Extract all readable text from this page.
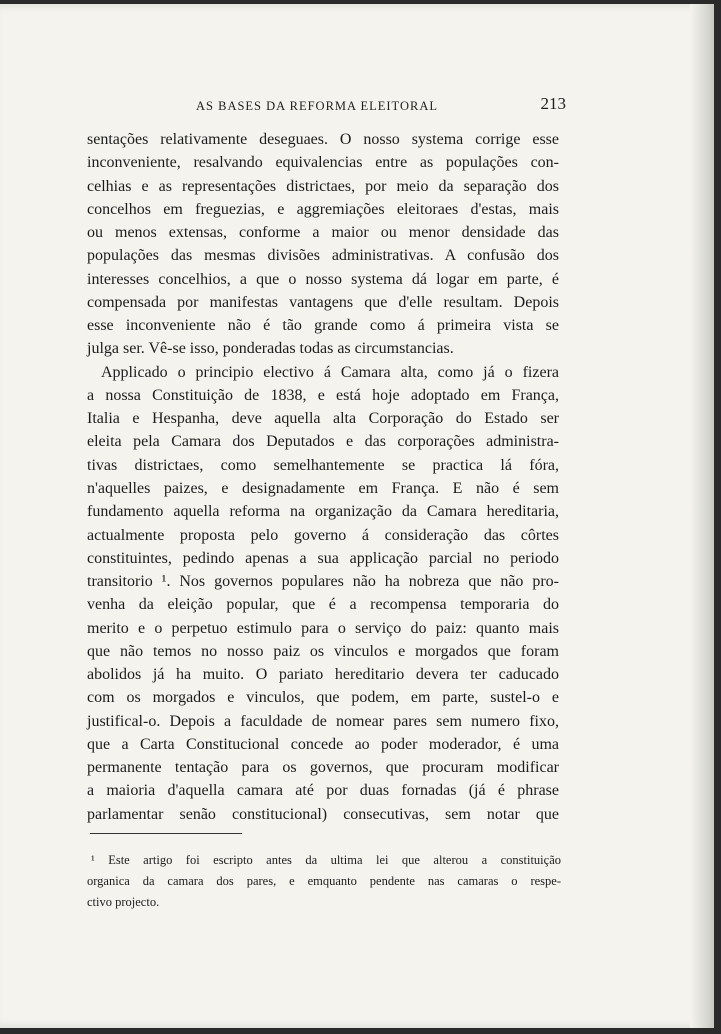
AS BASES DA REFORMA ELEITORAL	213
sentações relativamente deseguaes. O nosso systema corrige esse
inconveniente, resalvando equivalencias entre as populações con-
celhias e as representações districtaes, por meio da separação dos
concelhos em freguezias, e aggremiações eleitoraes d'estas, mais
ou menos extensas, conforme a maior ou menor densidade das
populações das mesmas divisões administrativas. A confusão dos
interesses concelhios, a que o nosso systema dá logar em parte, é
compensada por manifestas vantagens que d'elle resultam. Depois
esse inconveniente não é tão grande como á primeira vista se
julga ser. Vê-se isso, ponderadas todas as circumstancias.
Applicado o principio electivo á Camara alta, como já o fizera
a nossa Constituição de 1838, e está hoje adoptado em França,
Italia e Hespanha, deve aquella alta Corporação do Estado ser
eleita pela Camara dos Deputados e das corporações administra-
tivas districtaes, como semelhantemente se practica lá fóra,
n'aquelles paizes, e designadamente em França. E não é sem
fundamento aquella reforma na organização da Camara hereditaria,
actualmente proposta pelo governo á consideração das côrtes
constituintes, pedindo apenas a sua applicação parcial no periodo
transitorio ¹. Nos governos populares não ha nobreza que não pro-
venha da eleição popular, que é a recompensa temporaria do
merito e o perpetuo estimulo para o serviço do paiz: quanto mais
que não temos no nosso paiz os vinculos e morgados que foram
abolidos já ha muito. O pariato hereditario devera ter caducado
com os morgados e vinculos, que podem, em parte, sustel-o e
justifical-o. Depois a faculdade de nomear pares sem numero fixo,
que a Carta Constitucional concede ao poder moderador, é uma
permanente tentação para os governos, que procuram modificar
a maioria d'aquella camara até por duas fornadas (já é phrase
parlamentar senão constitucional) consecutivas, sem notar que
¹ Este artigo foi escripto antes da ultima lei que alterou a constituição
organica da camara dos pares, e emquanto pendente nas camaras o respe-
ctivo projecto.
